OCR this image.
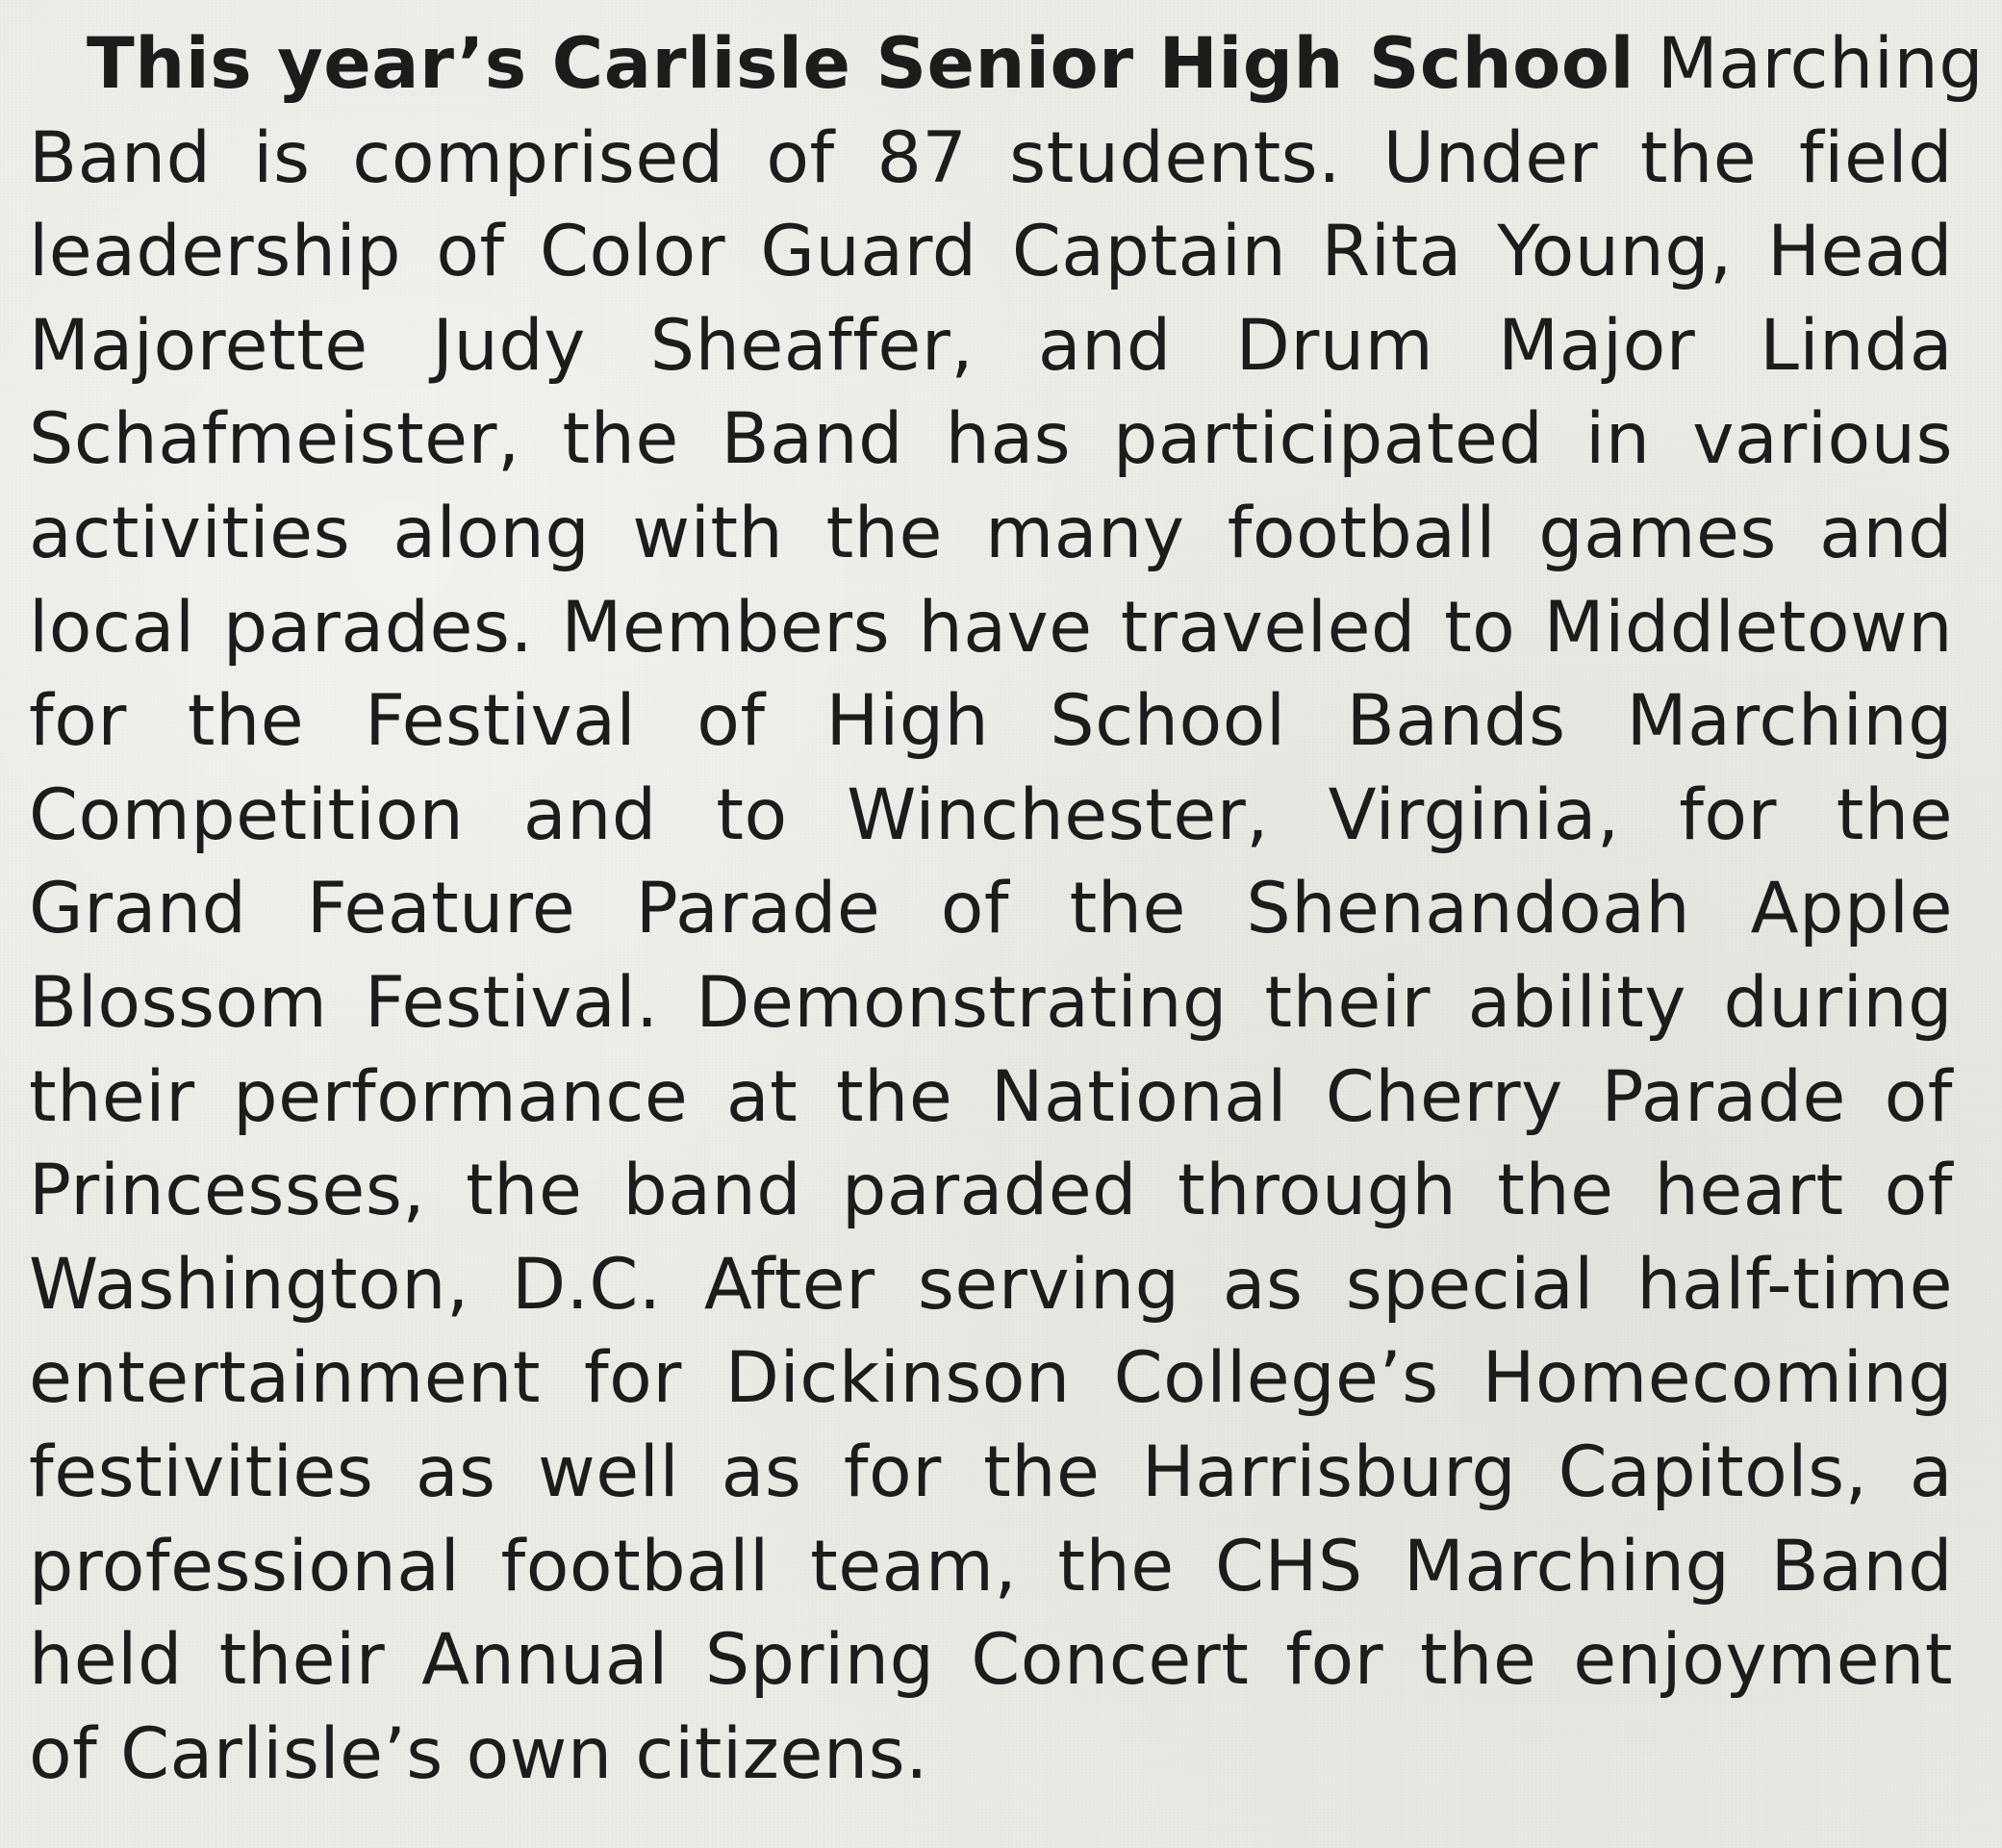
This year’s Carlisle Senior High School Marching
Band is comprised of 87 students. Under the field
leadership of Color Guard Captain Rita Young, Head
Majorette Judy Sheaffer, and Drum Major Linda
Schafmeister, the Band has participated in various
activities along with the many football games and
local parades. Members have traveled to Middletown
for the Festival of High School Bands Marching
Competition and to Winchester, Virginia, for the
Grand Feature Parade of the Shenandoah Apple
Blossom Festival. Demonstrating their ability during
their performance at the National Cherry Parade of
Princesses, the band paraded through the heart of
Washington, D.C. After serving as special half-time
entertainment for Dickinson College’s Homecoming
festivities as well as for the Harrisburg Capitols, a
professional football team, the CHS Marching Band
held their Annual Spring Concert for the enjoyment
of Carlisle’s own citizens.
